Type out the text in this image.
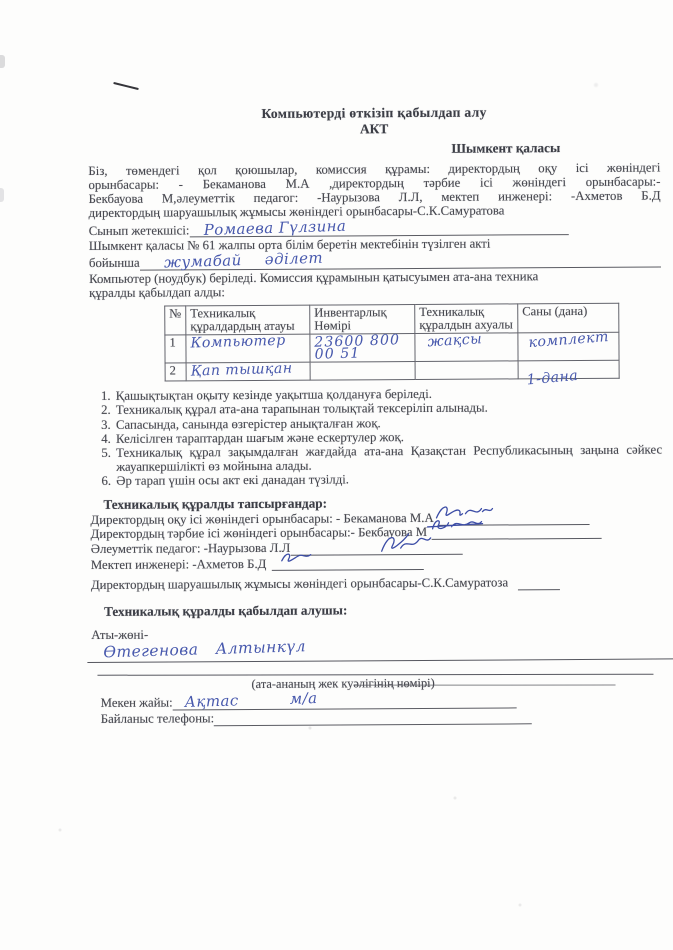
Компьютерді өткізіп қабылдап алу
АКТ
Шымкент қаласы
Біз, төмендегі қол қоюшылар, комиссия құрамы: директордың оқу ісі жөніндегі
орынбасары: - Бекаманова М.А ,директордың тәрбие ісі жөніндегі орынбасары:-
Бекбауова М,әлеуметтік педагог: -Наурызова Л.Л, мектеп инженері: -Ахметов Б.Д
директордың шаруашылық жұмысы жөніндегі орынбасары-С.К.Самуратова
Сынып жетекшісі: Ромаева Гүлзина
Шымкент қаласы № 61 жалпы орта білім беретін мектебінін түзілген акті
бойынша	жумабай әділет
Компьютер (ноудбук) беріледі. Комиссия құрамынын қатысуымен ата-ана техника
құралды қабылдап алды:
№	Техникалық құралдардың атауы	Инвентарлық Нөмірі	Техникалық құралдын ахуалы	Саны (дана)
1	Компьютер	23600 800 00 51	жақсы	комплект
2	Қап тышқан			1-дана
1. Қашықтықтан оқыту кезінде уақытша қолдануға беріледі.
2. Техникалық құрал ата-ана тарапынан толықтай тексеріліп алынады.
3. Сапасында, санында өзгерістер анықталған жоқ.
4. Келісілген тараптардан шағым және ескертулер жоқ.
5. Техникалық құрал зақымдалған жағдайда ата-ана Қазақстан Республикасының заңына сәйкес жауапкершілікті өз мойнына алады.
6. Әр тарап үшін осы акт екі данадан түзілді.
Техникалық құралды тапсырғандар:
Директордың оқу ісі жөніндегі орынбасары: - Бекаманова М.А
Директордың тәрбие ісі жөніндегі орынбасары:- Бекбауова М
Әлеуметтік педагог: -Наурызова Л.Л
Мектеп инженері: -Ахметов Б.Д
Директордың шаруашылық жұмысы жөніндегі орынбасары-С.К.Самуратоза
Техникалық құралды қабылдап алушы:
Аты-жөні-
Өтегенова Алтынкүл
(ата-ананың жек куәлігінің нөмірі)
Мекен жайы: Ақтас м/а
Байланыс телефоны:
